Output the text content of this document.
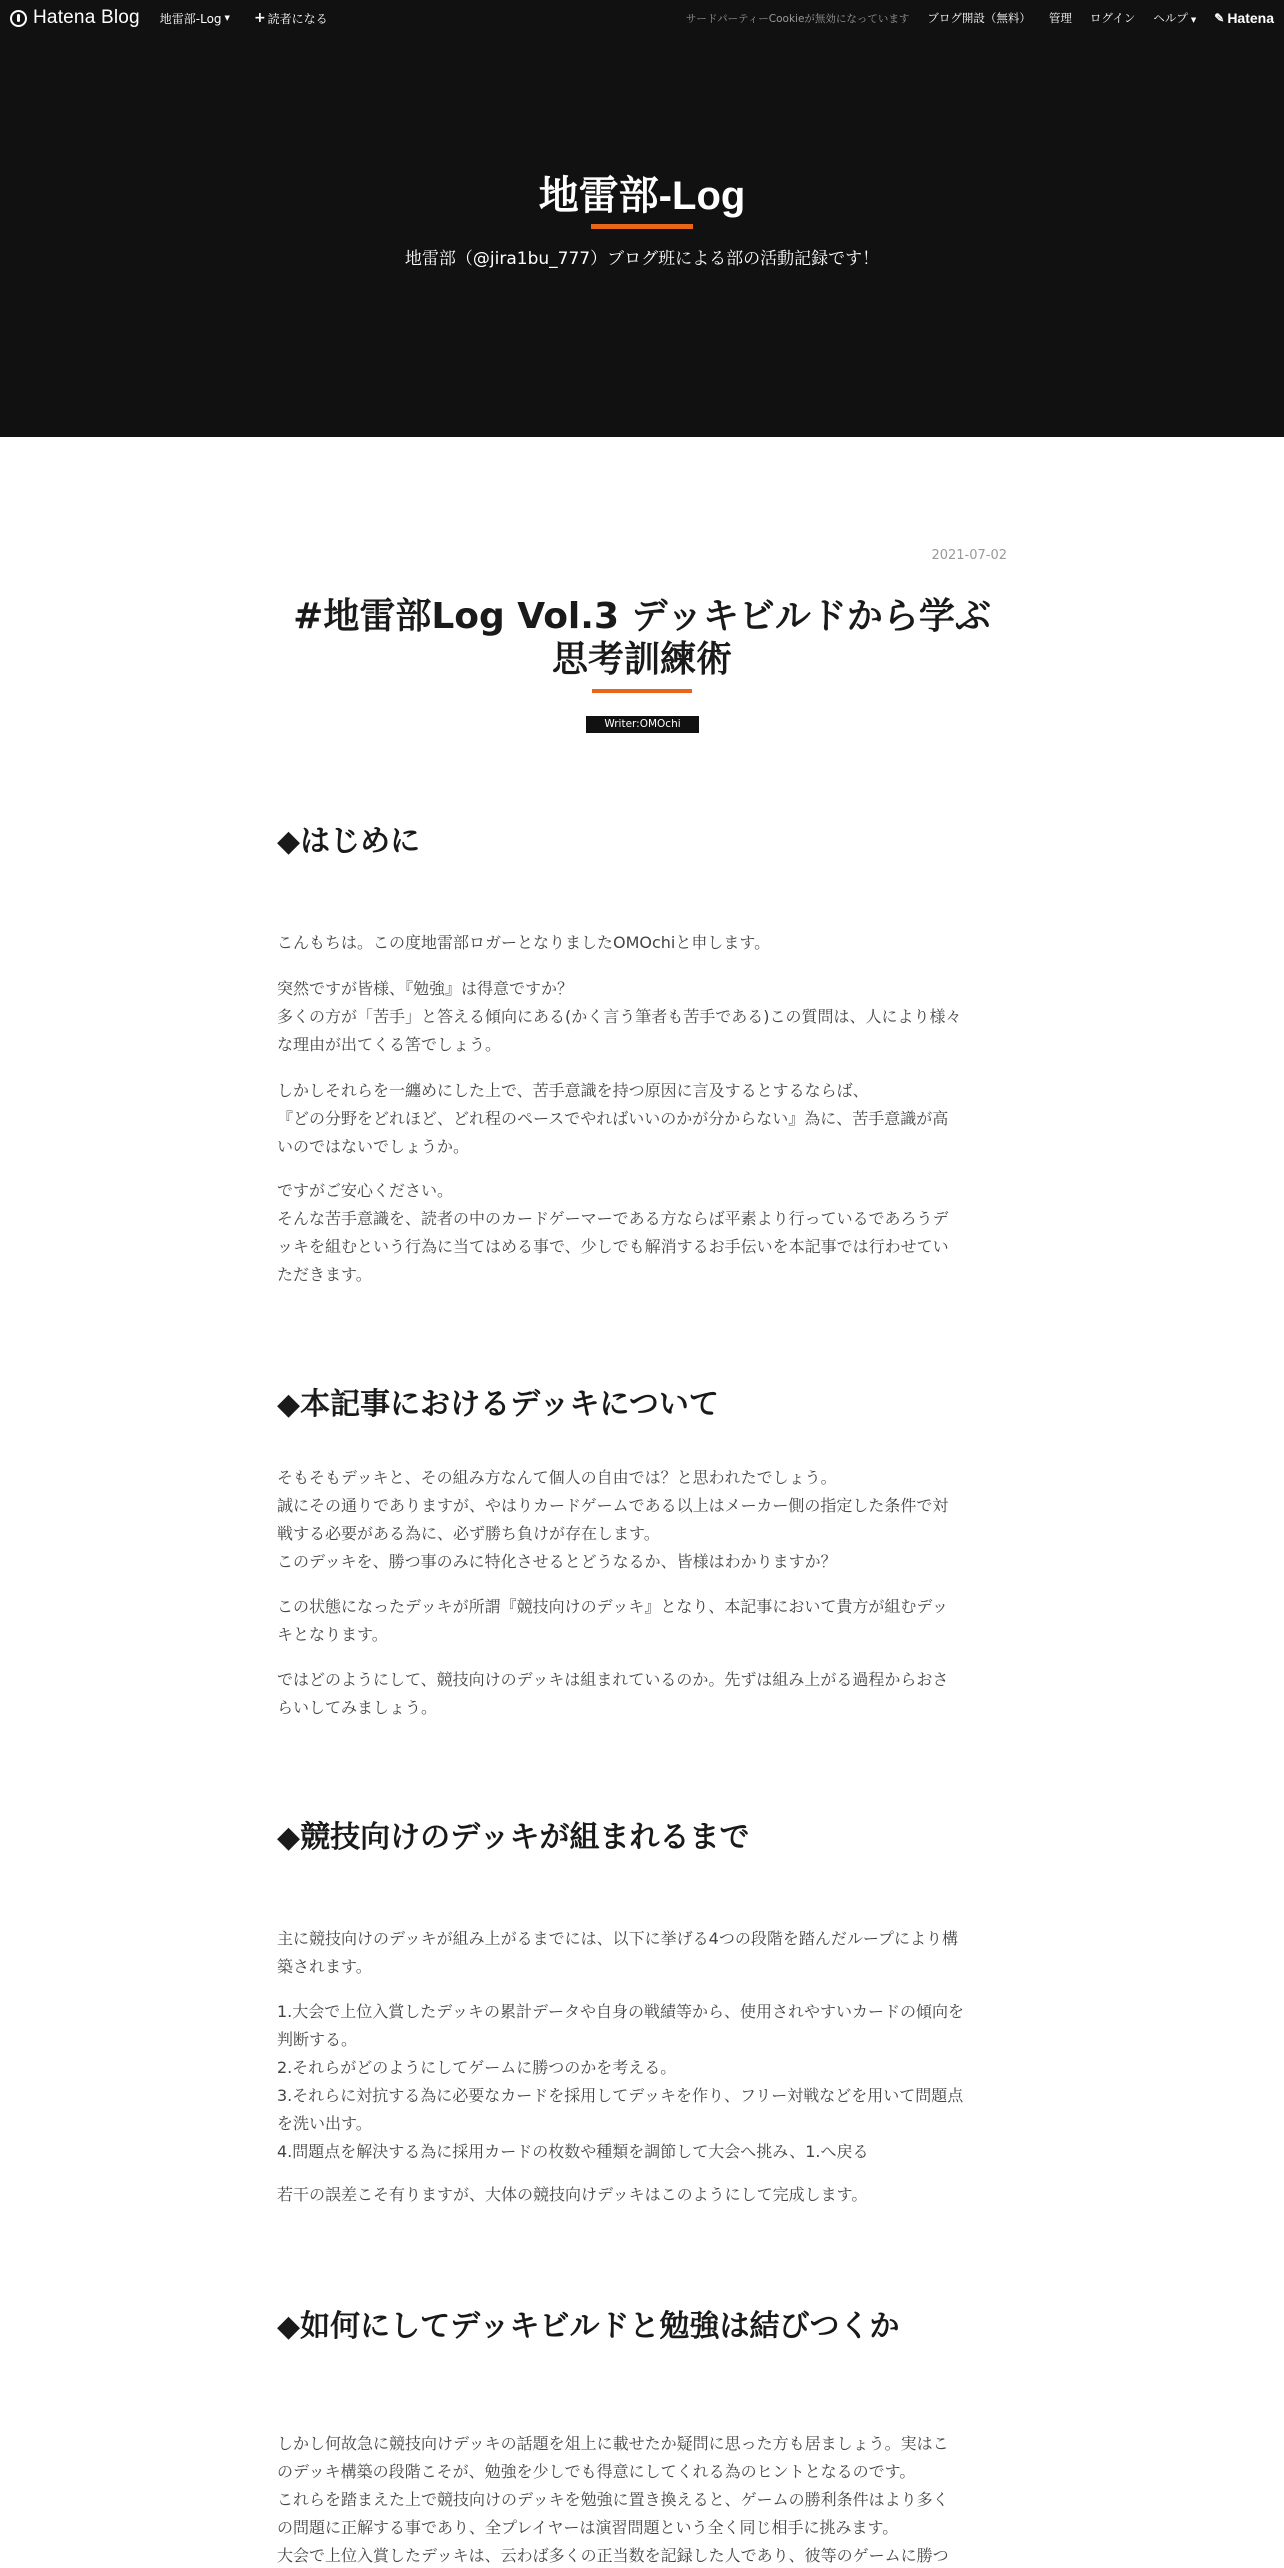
Hatena Blog 地雷部-Log ▼ + 読者になる	サードパーティーCookieが無効になっています ブログ開設（無料） 管理 ログイン ヘルプ ▼ ✎ Hatena
地雷部-Log
地雷部（@jira1bu_777）ブログ班による部の活動記録です！
2021-07-02
#地雷部Log Vol.3 デッキビルドから学ぶ
思考訓練術
Writer:OMOchi
◆はじめに
こんもちは。この度地雷部ロガーとなりましたOMOchiと申します。
突然ですが皆様、『勉強』は得意ですか？
多くの方が「苦手」と答える傾向にある(かく言う筆者も苦手である)この質問は、人により様々
な理由が出てくる筈でしょう。
しかしそれらを一纏めにした上で、苦手意識を持つ原因に言及するとするならば、
『どの分野をどれほど、どれ程のペースでやればいいのかが分からない』為に、苦手意識が高
いのではないでしょうか。
ですがご安心ください。
そんな苦手意識を、読者の中のカードゲーマーである方ならば平素より行っているであろうデ
ッキを組むという行為に当てはめる事で、少しでも解消するお手伝いを本記事では行わせてい
ただきます。
◆本記事におけるデッキについて
そもそもデッキと、その組み方なんて個人の自由では？と思われたでしょう。
誠にその通りでありますが、やはりカードゲームである以上はメーカー側の指定した条件で対
戦する必要がある為に、必ず勝ち負けが存在します。
このデッキを、勝つ事のみに特化させるとどうなるか、皆様はわかりますか？
この状態になったデッキが所謂『競技向けのデッキ』となり、本記事において貴方が組むデッ
キとなります。
ではどのようにして、競技向けのデッキは組まれているのか。先ずは組み上がる過程からおさ
らいしてみましょう。
◆競技向けのデッキが組まれるまで
主に競技向けのデッキが組み上がるまでには、以下に挙げる4つの段階を踏んだループにより構
築されます。
1.大会で上位入賞したデッキの累計データや自身の戦績等から、使用されやすいカードの傾向を
判断する。
2.それらがどのようにしてゲームに勝つのかを考える。
3.それらに対抗する為に必要なカードを採用してデッキを作り、フリー対戦などを用いて問題点
を洗い出す。
4.問題点を解決する為に採用カードの枚数や種類を調節して大会へ挑み、1.へ戻る
若干の誤差こそ有りますが、大体の競技向けデッキはこのようにして完成します。
◆如何にしてデッキビルドと勉強は結びつくか
しかし何故急に競技向けデッキの話題を俎上に載せたか疑問に思った方も居ましょう。実はこ
のデッキ構築の段階こそが、勉強を少しでも得意にしてくれる為のヒントとなるのです。
これらを踏まえた上で競技向けのデッキを勉強に置き換えると、ゲームの勝利条件はより多く
の問題に正解する事であり、全プレイヤーは演習問題という全く同じ相手に挑みます。
大会で上位入賞したデッキは、云わば多くの正当数を記録した人であり、彼等のゲームに勝つ
